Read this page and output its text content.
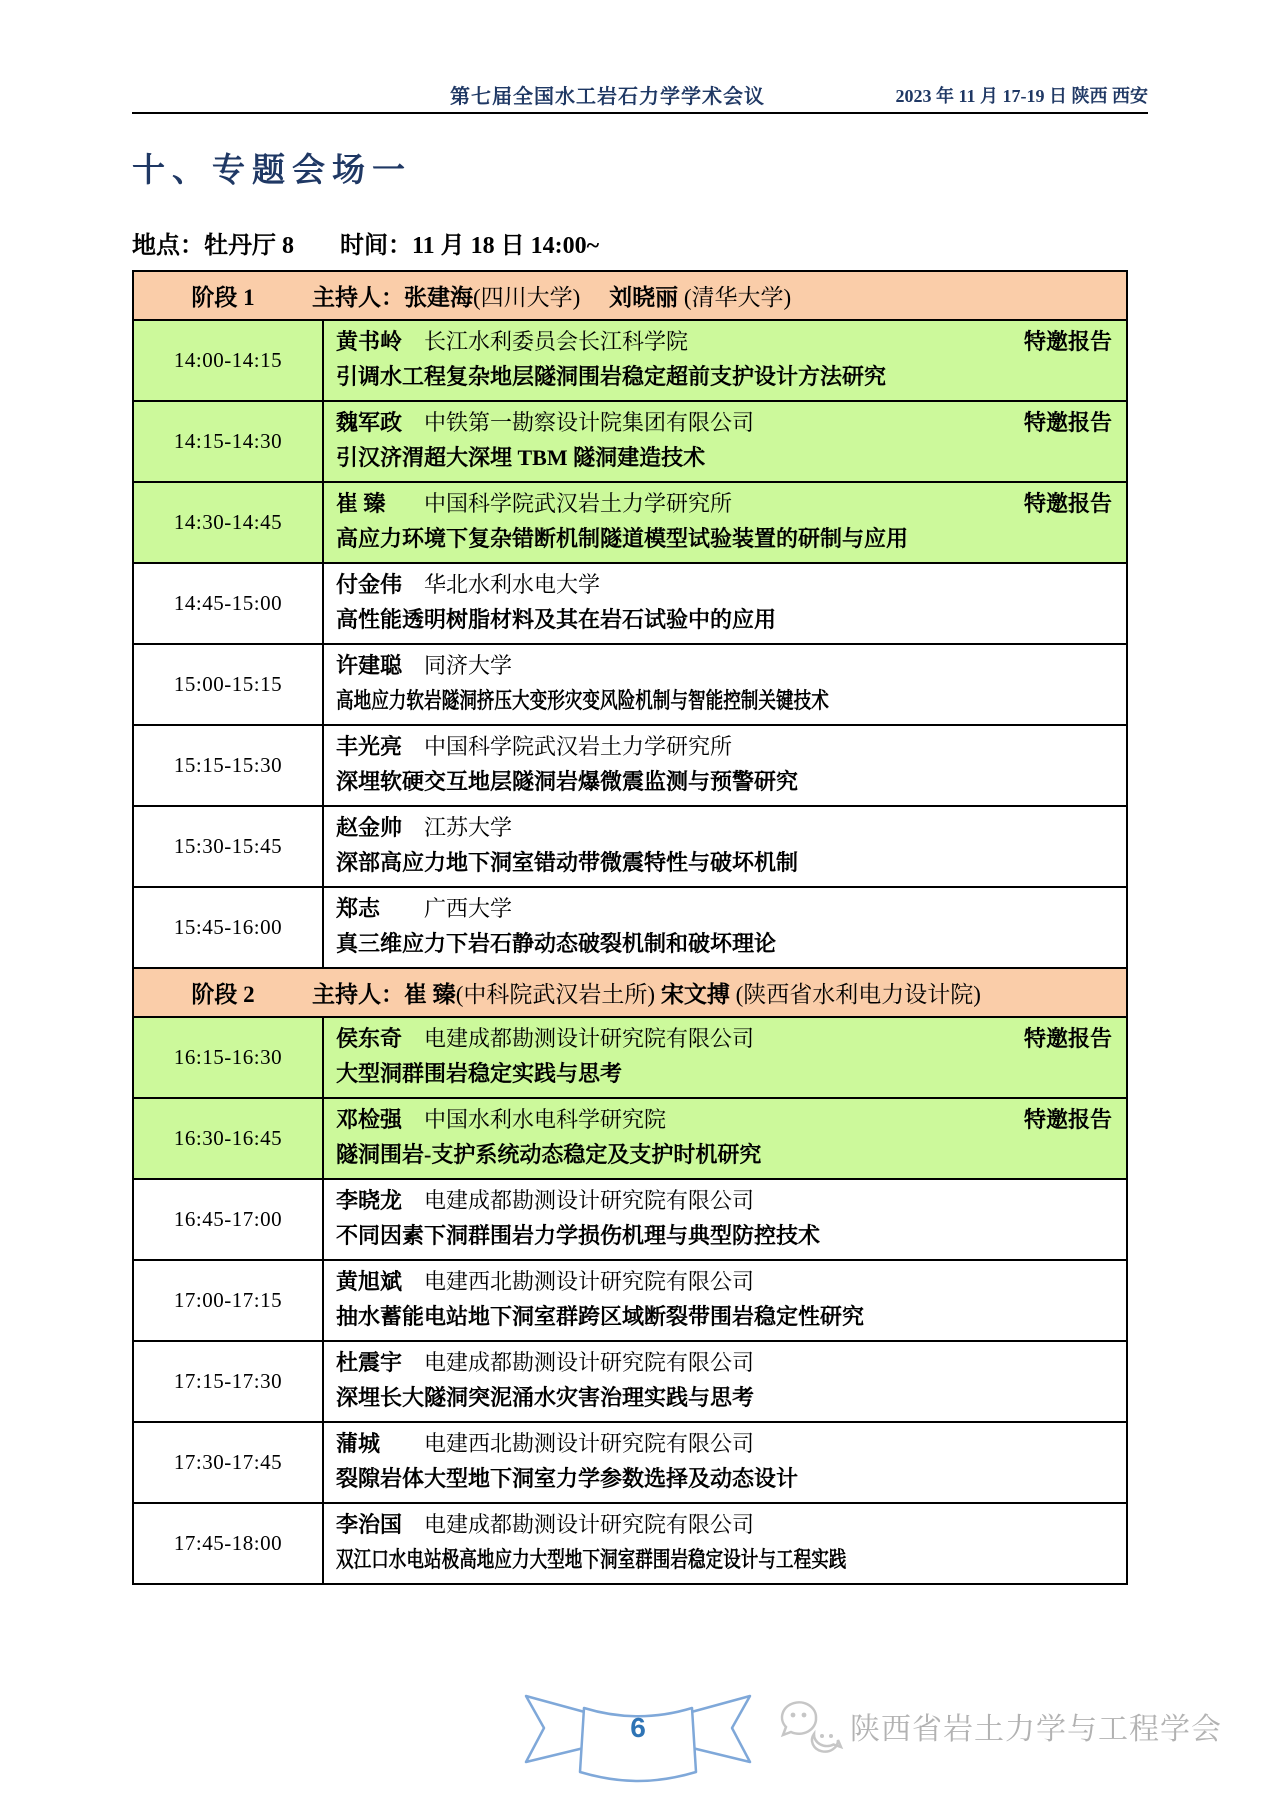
第七届全国水工岩石力学学术会议	2023 年 11 月 17-19 日 陕西 西安
十、专题会场一
地点：牡丹厅 8 时间：11 月 18 日 14:00~
阶段 1 主持人：张建海(四川大学)　 刘晓丽 (清华大学)	

14:00-14:15	黄书岭 长江水利委员会长江科学院 特邀报告
引调水工程复杂地层隧洞围岩稳定超前支护设计方法研究

14:15-14:30	魏军政 中铁第一勘察设计院集团有限公司 特邀报告
引汉济渭超大深埋 TBM 隧洞建造技术

14:30-14:45	崔 臻 中国科学院武汉岩土力学研究所 特邀报告
高应力环境下复杂错断机制隧道模型试验装置的研制与应用

14:45-15:00	付金伟 华北水利水电大学
高性能透明树脂材料及其在岩石试验中的应用

15:00-15:15	许建聪 同济大学
高地应力软岩隧洞挤压大变形灾变风险机制与智能控制关键技术

15:15-15:30	丰光亮 中国科学院武汉岩土力学研究所
深埋软硬交互地层隧洞岩爆微震监测与预警研究

15:30-15:45	赵金帅 江苏大学
深部高应力地下洞室错动带微震特性与破坏机制

15:45-16:00	郑志 广西大学
真三维应力下岩石静动态破裂机制和破坏理论

阶段 2 主持人：崔 臻(中科院武汉岩土所) 宋文搏 (陕西省水利电力设计院)	

16:15-16:30	侯东奇 电建成都勘测设计研究院有限公司 特邀报告
大型洞群围岩稳定实践与思考

16:30-16:45	邓检强 中国水利水电科学研究院 特邀报告
隧洞围岩-支护系统动态稳定及支护时机研究

16:45-17:00	李晓龙 电建成都勘测设计研究院有限公司
不同因素下洞群围岩力学损伤机理与典型防控技术

17:00-17:15	黄旭斌 电建西北勘测设计研究院有限公司
抽水蓄能电站地下洞室群跨区域断裂带围岩稳定性研究

17:15-17:30	杜震宇 电建成都勘测设计研究院有限公司
深埋长大隧洞突泥涌水灾害治理实践与思考

17:30-17:45	蒲城 电建西北勘测设计研究院有限公司
裂隙岩体大型地下洞室力学参数选择及动态设计

17:45-18:00	李治国 电建成都勘测设计研究院有限公司
双江口水电站极高地应力大型地下洞室群围岩稳定设计与工程实践
6	陕西省岩土力学与工程学会
